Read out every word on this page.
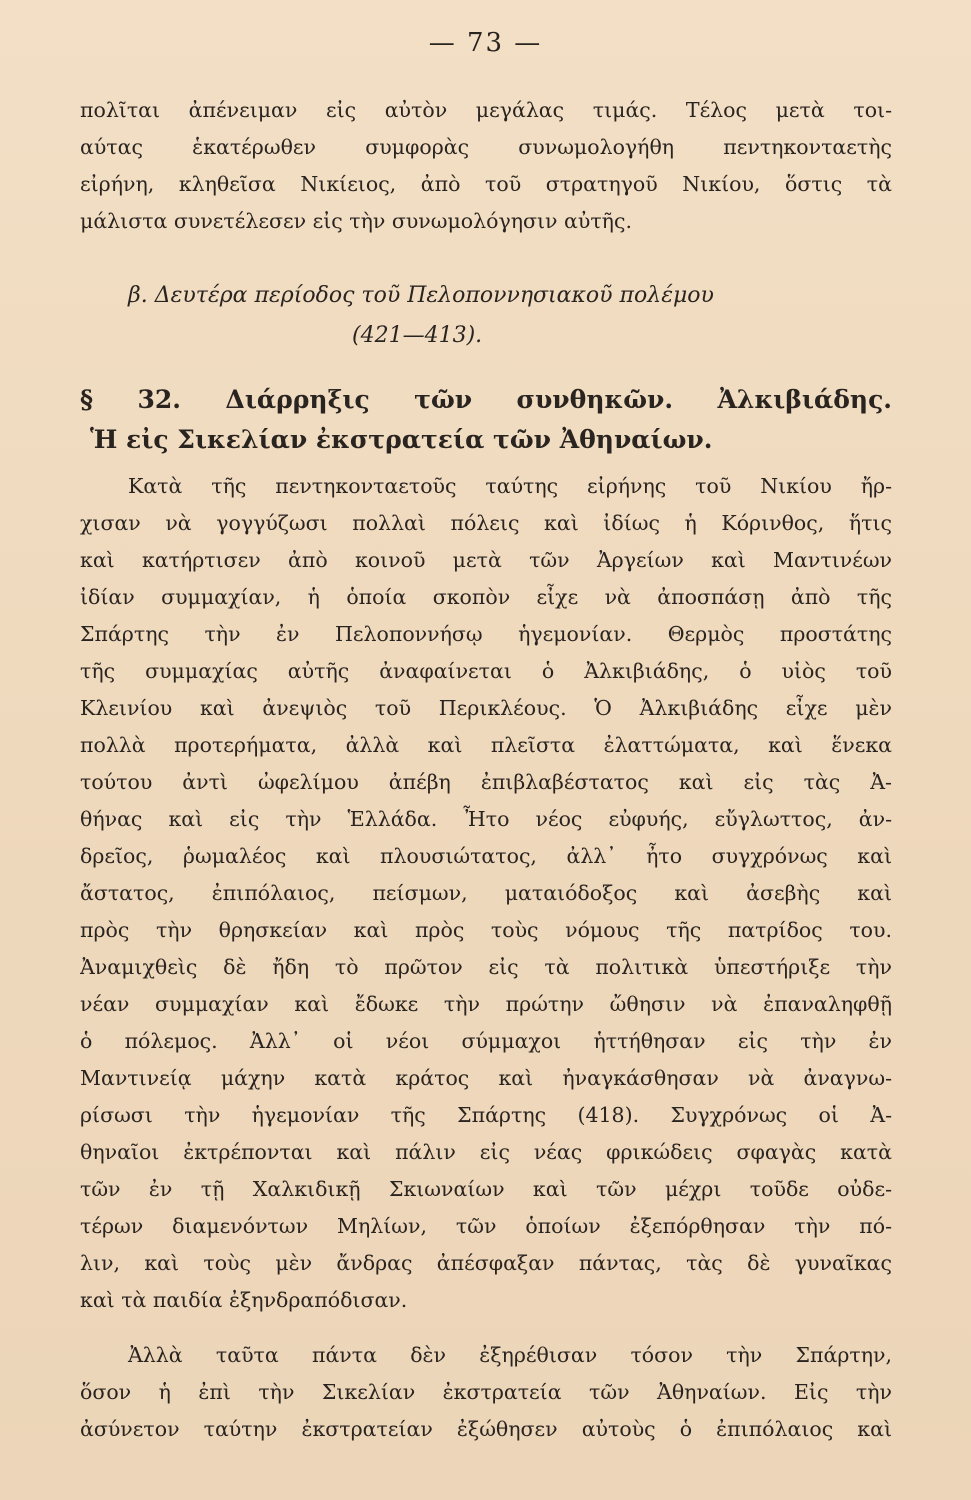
— 73 —
πολῖται ἀπένειμαν εἰς αὐτὸν μεγάλας τιμάς. Τέλος μετὰ τοι-
αύτας ἑκατέρωθεν συμφορὰς συνωμολογήθη πεντηκονταετὴς
εἰρήνη, κληθεῖσα Νικίειος, ἀπὸ τοῦ στρατηγοῦ Νικίου, ὅστις τὰ
μάλιστα συνετέλεσεν εἰς τὴν συνωμολόγησιν αὐτῆς.
β. Δευτέρα περίοδος τοῦ Πελοποννησιακοῦ πολέμου
(421—413).
§ 32. Διάρρηξις τῶν συνθηκῶν. Ἀλκιβιάδης.
Ἡ εἰς Σικελίαν ἐκστρατεία τῶν Ἀθηναίων.
Κατὰ τῆς πεντηκονταετοῦς ταύτης εἰρήνης τοῦ Νικίου ἤρ-
χισαν νὰ γογγύζωσι πολλαὶ πόλεις καὶ ἰδίως ἡ Κόρινθος, ἥτις
καὶ κατήρτισεν ἀπὸ κοινοῦ μετὰ τῶν Ἀργείων καὶ Μαντινέων
ἰδίαν συμμαχίαν, ἡ ὁποία σκοπὸν εἶχε νὰ ἀποσπάσῃ ἀπὸ τῆς
Σπάρτης τὴν ἐν Πελοποννήσῳ ἡγεμονίαν. Θερμὸς προστάτης
τῆς συμμαχίας αὐτῆς ἀναφαίνεται ὁ Ἀλκιβιάδης, ὁ υἱὸς τοῦ
Κλεινίου καὶ ἀνεψιὸς τοῦ Περικλέους. Ὁ Ἀλκιβιάδης εἶχε μὲν
πολλὰ προτερήματα, ἀλλὰ καὶ πλεῖστα ἐλαττώματα, καὶ ἕνεκα
τούτου ἀντὶ ὠφελίμου ἀπέβη ἐπιβλαβέστατος καὶ εἰς τὰς Ἀ-
θήνας καὶ εἰς τὴν Ἑλλάδα. Ἦτο νέος εὐφυής, εὔγλωττος, ἀν-
δρεῖος, ῥωμαλέος καὶ πλουσιώτατος, ἀλλ᾽ ἦτο συγχρόνως καὶ
ἄστατος, ἐπιπόλαιος, πείσμων, ματαιόδοξος καὶ ἀσεβὴς καὶ
πρὸς τὴν θρησκείαν καὶ πρὸς τοὺς νόμους τῆς πατρίδος του.
Ἀναμιχθεὶς δὲ ἤδη τὸ πρῶτον εἰς τὰ πολιτικὰ ὑπεστήριξε τὴν
νέαν συμμαχίαν καὶ ἔδωκε τὴν πρώτην ὤθησιν νὰ ἐπαναληφθῇ
ὁ πόλεμος. Ἀλλ᾽ οἱ νέοι σύμμαχοι ἡττήθησαν εἰς τὴν ἐν
Μαντινείᾳ μάχην κατὰ κράτος καὶ ἠναγκάσθησαν νὰ ἀναγνω-
ρίσωσι τὴν ἡγεμονίαν τῆς Σπάρτης (418). Συγχρόνως οἱ Ἀ-
θηναῖοι ἐκτρέπονται καὶ πάλιν εἰς νέας φρικώδεις σφαγὰς κατὰ
τῶν ἐν τῇ Χαλκιδικῇ Σκιωναίων καὶ τῶν μέχρι τοῦδε οὐδε-
τέρων διαμενόντων Μηλίων, τῶν ὁποίων ἐξεπόρθησαν τὴν πό-
λιν, καὶ τοὺς μὲν ἄνδρας ἀπέσφαξαν πάντας, τὰς δὲ γυναῖκας
καὶ τὰ παιδία ἐξηνδραπόδισαν.
Ἀλλὰ ταῦτα πάντα δὲν ἐξηρέθισαν τόσον τὴν Σπάρτην,
ὅσον ἡ ἐπὶ τὴν Σικελίαν ἐκστρατεία τῶν Ἀθηναίων. Εἰς τὴν
ἀσύνετον ταύτην ἐκστρατείαν ἐξώθησεν αὐτοὺς ὁ ἐπιπόλαιος καὶ
